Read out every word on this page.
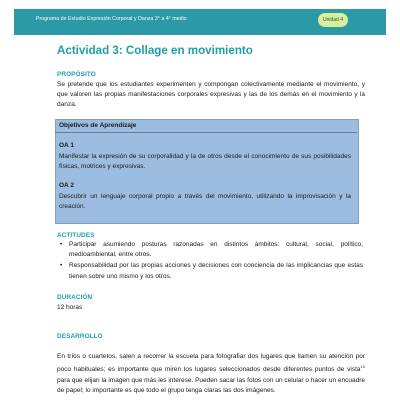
Programa de Estudio Expresión Corporal y Danza 3° a 4° medio	Unidad 4
Actividad 3: Collage en movimiento
PROPÓSITO

Se pretende que los estudiantes experimenten y compongan colectivamente mediante el movimiento, y que valoren las propias manifestaciones corporales expresivas y las de los demás en el movimiento y la danza.

Objetivos de Aprendizaje
OA 1

Manifestar la expresión de su corporalidad y la de otros desde el conocimiento de sus posibilidades físicas, motrices y expresivas.

OA 2

Descubrir un lenguaje corporal propio a través del movimiento, utilizando la improvisación y la creación.

ACTITUDES
• Participar asumiendo posturas razonadas en distintos ámbitos: cultural, social, político, medioambiental, entre otros.
• Responsabilidad por las propias acciones y decisiones con conciencia de las implicancias que estas tienen sobre uno mismo y los otros.
DURACIÓN
12 horas
DESARROLLO

En tríos o cuartetos, salen a recorrer la escuela para fotografiar dos lugares que llamen su atención por poco habituales; es importante que miren los lugares seleccionados desde diferentes puntos de vista$^{10}$ para que elijan la imagen que más les interese. Pueden sacar las fotos con un celular o hacer un encuadre de papel; lo importante es que todo el grupo tenga claras las dos imágenes.
